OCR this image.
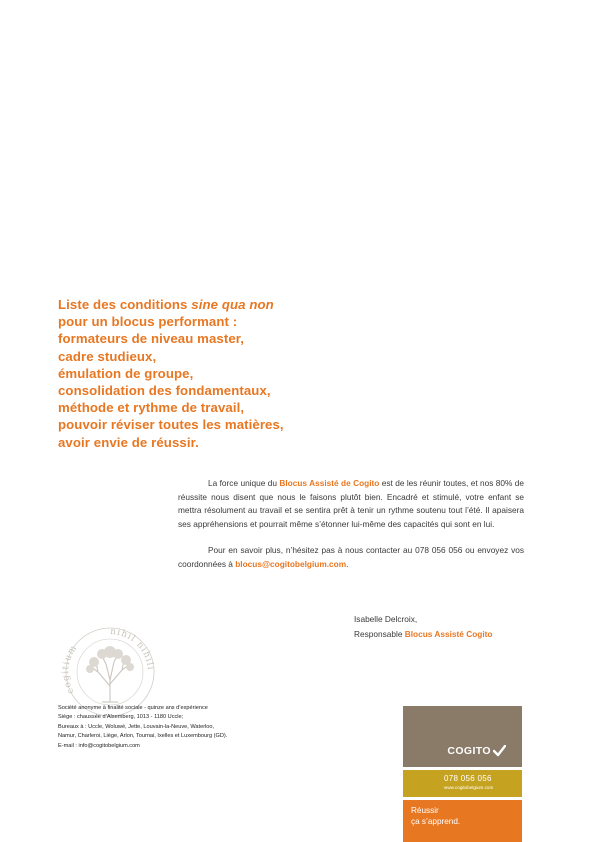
Liste des conditions sine qua non
pour un blocus performant :
formateurs de niveau master,
cadre studieux,
émulation de groupe,
consolidation des fondamentaux,
méthode et rythme de travail,
pouvoir réviser toutes les matières,
avoir envie de réussir.

La force unique du Blocus Assisté de Cogito est de les réunir toutes, et nos 80% de réussite nous disent que nous le faisons plutôt bien. Encadré et stimulé, votre enfant se mettra résolument au travail et se sentira prêt à tenir un rythme soutenu tout l’été. Il apaisera ses appréhensions et pourrait même s’étonner lui-même des capacités qui sont en lui.

Pour en savoir plus, n’hésitez pas à nous contacter au 078 056 056 ou envoyez vos coordonnées à blocus@cogitobelgium.com.

Isabelle Delcroix,
Responsable Blocus Assisté Cogito
cogitium
nihil nihili
Société anonyme à finalité sociale - quinze ans d’expérience
Siège : chaussée d’Alsemberg, 1013 - 1180 Uccle;
Bureaux à : Uccle, Woluwé, Jette, Louvain-la-Neuve, Waterloo,
Namur, Charleroi, Liège, Arlon, Tournai, Ixelles et Luxembourg (GD).
E-mail : info@cogitobelgium.com	COGITO
078 056 056
www.cogitobelgium.com
Réussir
ça s’apprend.
